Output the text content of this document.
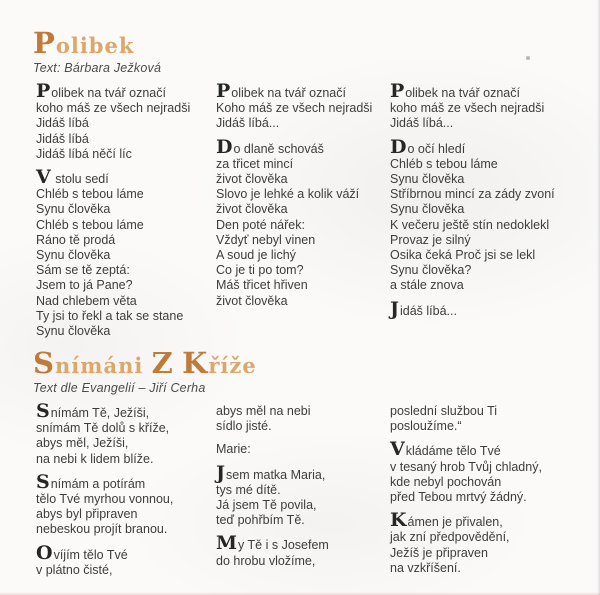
Polibek
Text: Bárbara Ježková
Polibek na tvář označí
koho máš ze všech nejradši
Jidáš líbá
Jidáš líbá
Jidáš líbá něčí líc
V stolu sedí
Chléb s tebou láme
Synu člověka
Chléb s tebou láme
Ráno tě prodá
Synu člověka
Sám se tě zeptá:
Jsem to já Pane?
Nad chlebem věta
Ty jsi to řekl a tak se stane
Synu člověka
Polibek na tvář označí
Koho máš ze všech nejradši
Jidáš líbá...
Do dlaně schováš
za třicet mincí
život člověka
Slovo je lehké a kolik váží
život člověka
Den poté nářek:
Vždyť nebyl vinen
A soud je lichý
Co je ti po tom?
Máš třicet hřiven
život člověka
Polibek na tvář označí
koho máš ze všech nejradši
Jidáš líbá...
Do očí hledí
Chléb s tebou láme
Synu člověka
Stříbrnou mincí za zády zvoní
Synu člověka
K večeru ještě stín nedoklekl
Provaz je silný
Osika čeká Proč jsi se lekl
Synu člověka?
a stále znova
Jidáš líbá...
Snímáni Z Kříže
Text dle Evangelií – Jiří Cerha
Snímám Tě, Ježíši,
snímám Tě dolů s kříže,
abys měl, Ježíši,
na nebi k lidem blíže.
Snímám a potírám
tělo Tvé myrhou vonnou,
abys byl připraven
nebeskou projít branou.
Ovíjím tělo Tvé
v plátno čisté,
abys měl na nebi
sídlo jisté.
Marie:
Jsem matka Maria,
tys mé dítě.
Já jsem Tě povila,
teď pohřbím Tě.
My Tě i s Josefem
do hrobu vložíme,
poslední službou Ti
posloužíme.“
Vkládáme tělo Tvé
v tesaný hrob Tvůj chladný,
kde nebyl pochován
před Tebou mrtvý žádný.
Kámen je přivalen,
jak zní předpovědění,
Ježíš je připraven
na vzkříšení.
